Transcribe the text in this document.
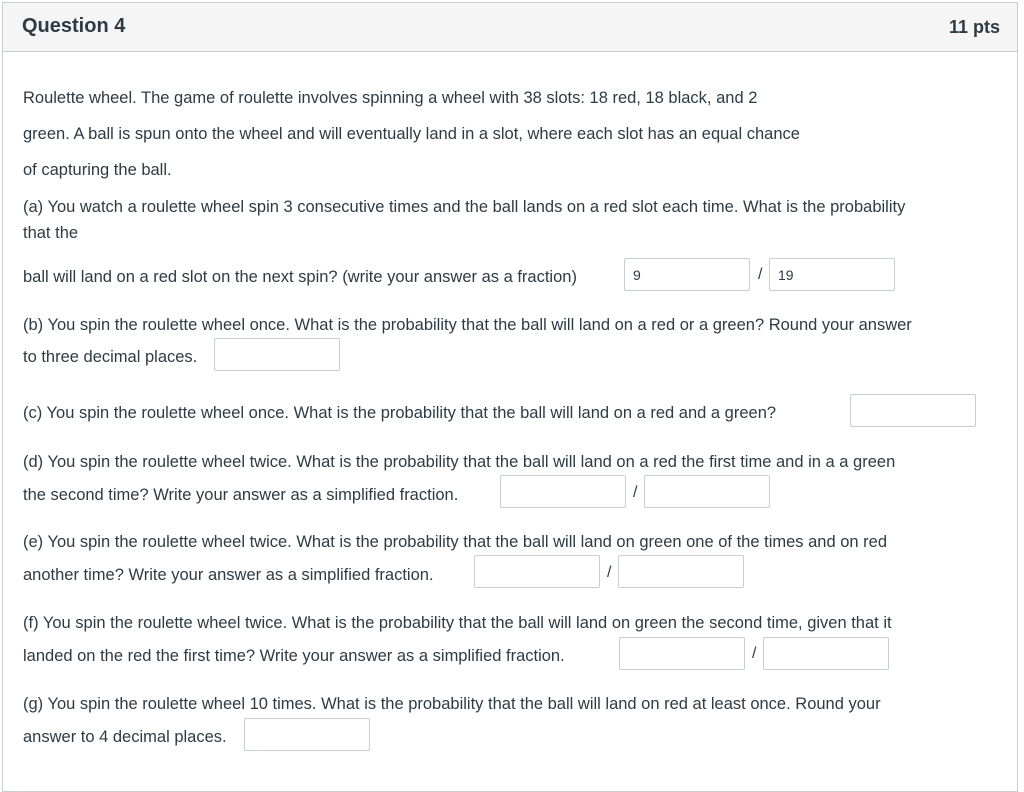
Question 4	11 pts
Roulette wheel. The game of roulette involves spinning a wheel with 38 slots: 18 red, 18 black, and 2
green. A ball is spun onto the wheel and will eventually land in a slot, where each slot has an equal chance
of capturing the ball.
(a) You watch a roulette wheel spin 3 consecutive times and the ball lands on a red slot each time. What is the probability
that the
ball will land on a red slot on the next spin? (write your answer as a fraction)
9	/
19
(b) You spin the roulette wheel once. What is the probability that the ball will land on a red or a green? Round your answer
to three decimal places.
(c) You spin the roulette wheel once. What is the probability that the ball will land on a red and a green?
(d) You spin the roulette wheel twice. What is the probability that the ball will land on a red the first time and in a a green
the second time? Write your answer as a simplified fraction.	/
(e) You spin the roulette wheel twice. What is the probability that the ball will land on green one of the times and on red
another time? Write your answer as a simplified fraction.	/
(f) You spin the roulette wheel twice. What is the probability that the ball will land on green the second time, given that it
landed on the red the first time? Write your answer as a simplified fraction.	/
(g) You spin the roulette wheel 10 times. What is the probability that the ball will land on red at least once. Round your
answer to 4 decimal places.
